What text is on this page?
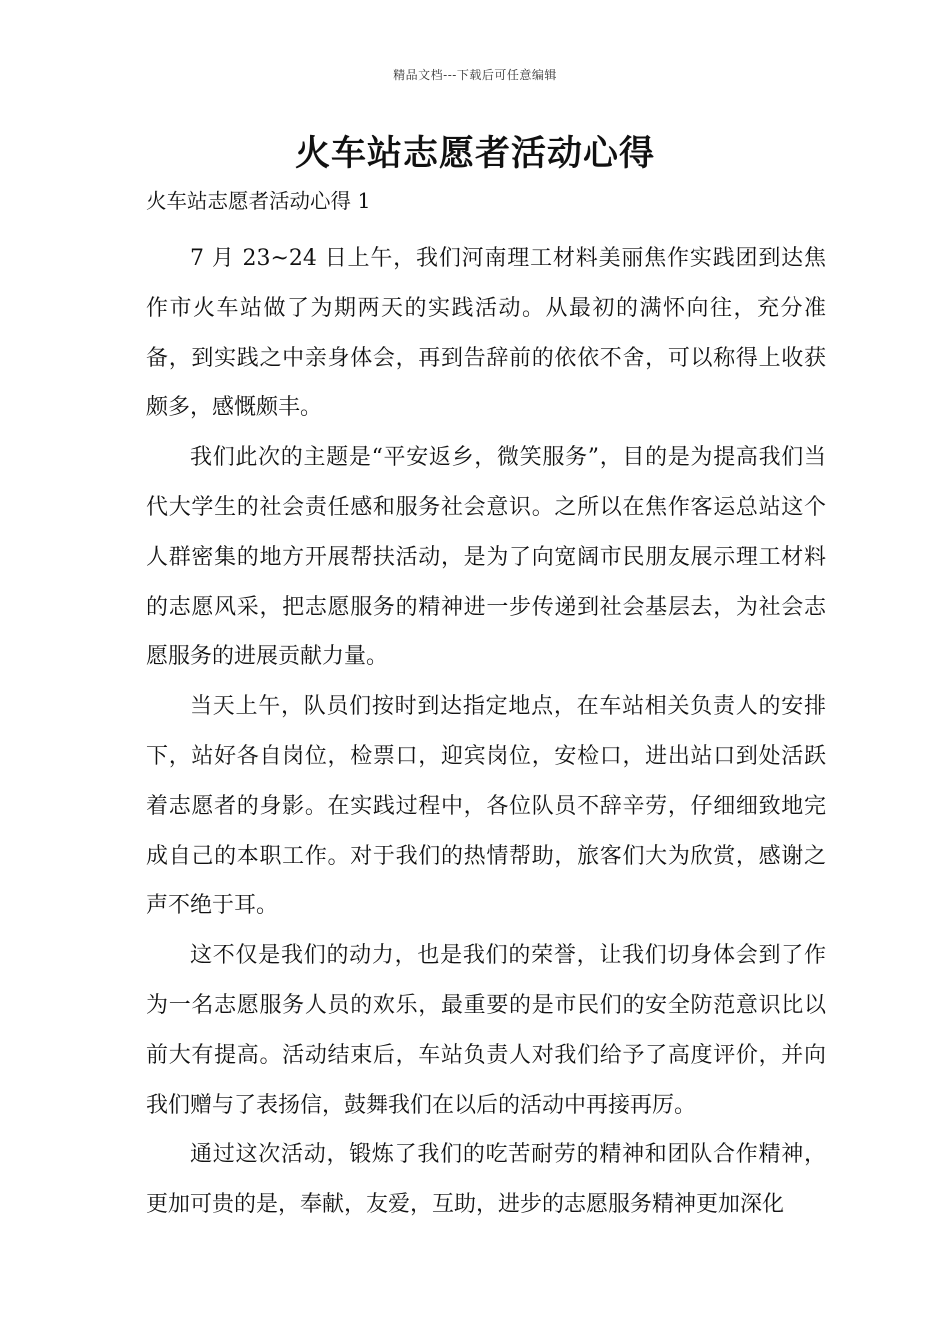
精品文档---下载后可任意编辑
火车站志愿者活动心得

火车站志愿者活动心得 1

7 月 23~24 日上午，我们河南理工材料美丽焦作实践团到达焦作市火车站做了为期两天的实践活动。从最初的满怀向往，充分准备，到实践之中亲身体会，再到告辞前的依依不舍，可以称得上收获颇多，感慨颇丰。

我们此次的主题是“平安返乡，微笑服务”，目的是为提高我们当代大学生的社会责任感和服务社会意识。之所以在焦作客运总站这个人群密集的地方开展帮扶活动，是为了向宽阔市民朋友展示理工材料的志愿风采，把志愿服务的精神进一步传递到社会基层去，为社会志愿服务的进展贡献力量。

当天上午，队员们按时到达指定地点，在车站相关负责人的安排下，站好各自岗位，检票口，迎宾岗位，安检口，进出站口到处活跃着志愿者的身影。在实践过程中，各位队员不辞辛劳，仔细细致地完成自己的本职工作。对于我们的热情帮助，旅客们大为欣赏，感谢之声不绝于耳。

这不仅是我们的动力，也是我们的荣誉，让我们切身体会到了作为一名志愿服务人员的欢乐，最重要的是市民们的安全防范意识比以前大有提高。活动结束后，车站负责人对我们给予了高度评价，并向我们赠与了表扬信，鼓舞我们在以后的活动中再接再厉。

通过这次活动，锻炼了我们的吃苦耐劳的精神和团队合作精神，更加可贵的是，奉献，友爱，互助，进步的志愿服务精神更加深化
